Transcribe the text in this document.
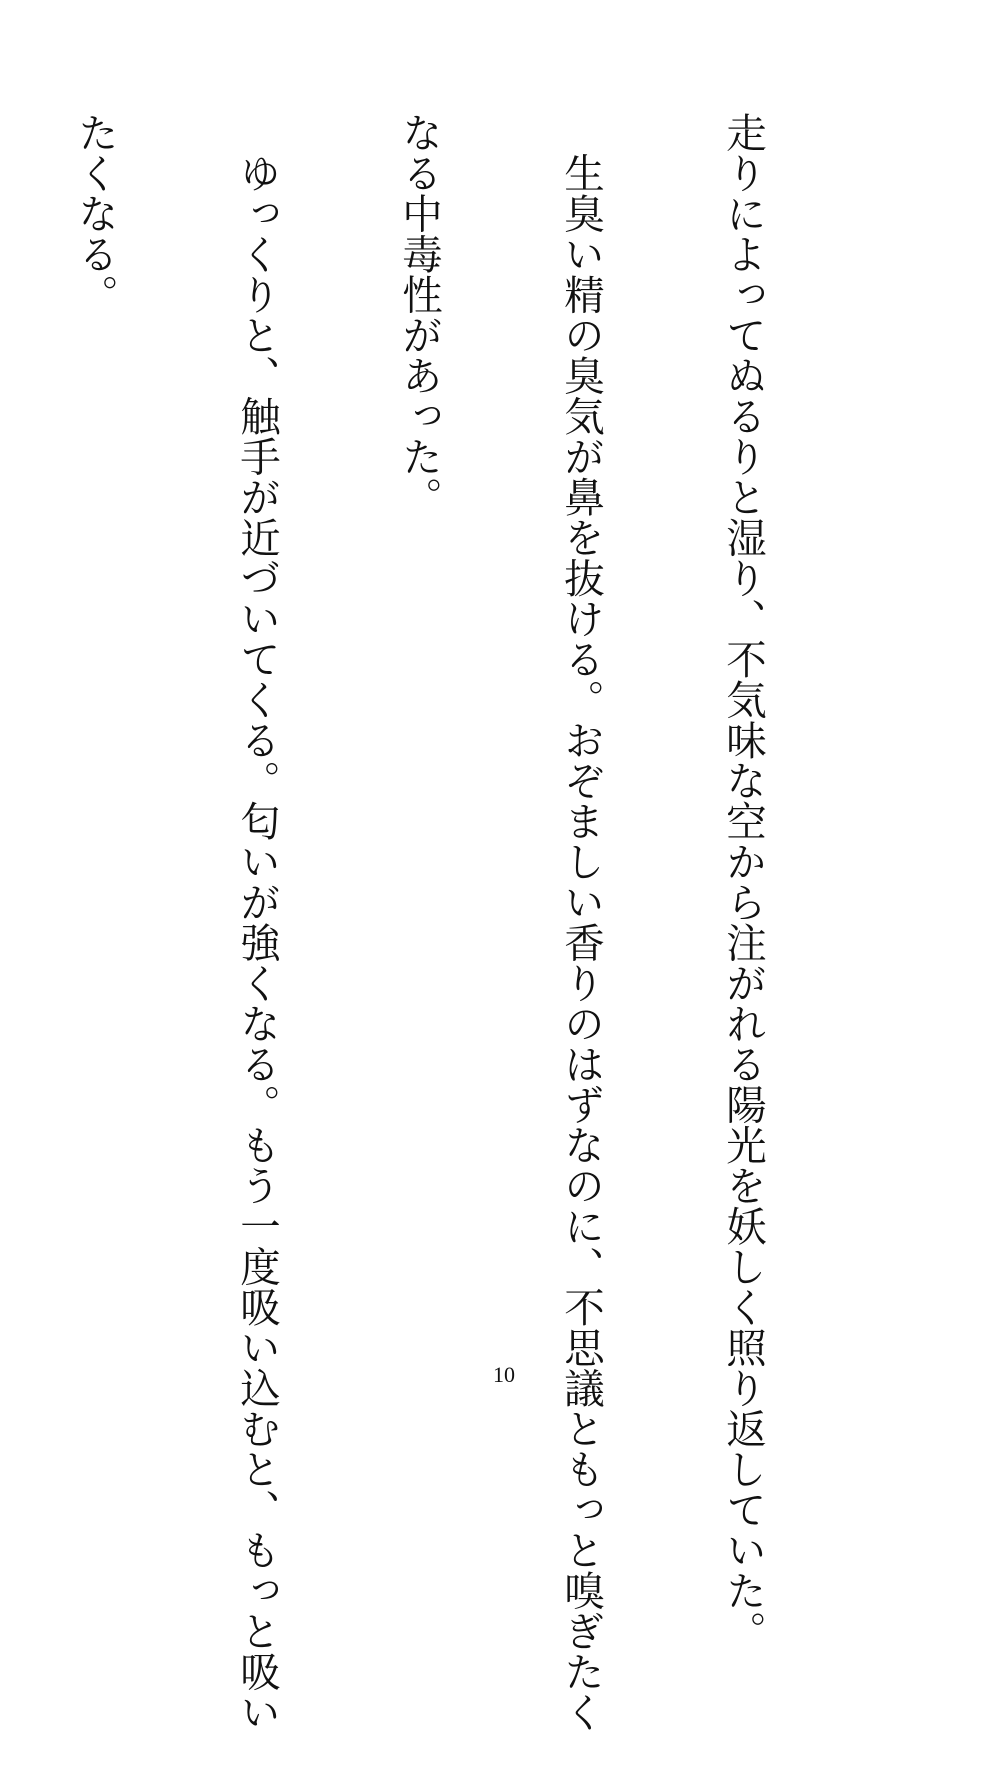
走りによってぬるりと湿り、不気味な空から注がれる陽光を妖しく照り返していた。

　生臭い精の臭気が鼻を抜ける。おぞましい香りのはずなのに、不思議ともっと嗅ぎたく

なる中毒性があった。

　ゆっくりと、触手が近づいてくる。匂いが強くなる。もう一度吸い込むと、もっと吸い

たくなる。

10
